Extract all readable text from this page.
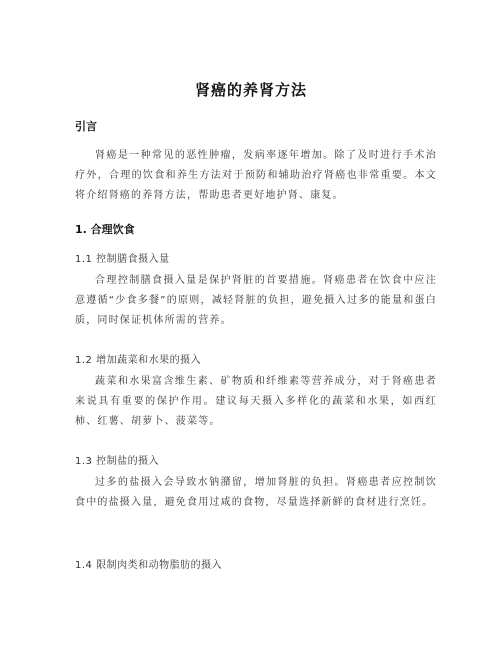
肾癌的养肾方法
引言
肾癌是一种常见的恶性肿瘤，发病率逐年增加。除了及时进行手术治疗外，合理的饮食和养生方法对于预防和辅助治疗肾癌也非常重要。本文将介绍肾癌的养肾方法，帮助患者更好地护肾、康复。
1. 合理饮食
1.1 控制膳食摄入量
合理控制膳食摄入量是保护肾脏的首要措施。肾癌患者在饮食中应注意遵循“少食多餐”的原则，减轻肾脏的负担，避免摄入过多的能量和蛋白质，同时保证机体所需的营养。
1.2 增加蔬菜和水果的摄入
蔬菜和水果富含维生素、矿物质和纤维素等营养成分，对于肾癌患者来说具有重要的保护作用。建议每天摄入多样化的蔬菜和水果，如西红柿、红薯、胡萝卜、菠菜等。
1.3 控制盐的摄入
过多的盐摄入会导致水钠潴留，增加肾脏的负担。肾癌患者应控制饮食中的盐摄入量，避免食用过咸的食物，尽量选择新鲜的食材进行烹饪。
1.4 限制肉类和动物脂肪的摄入
